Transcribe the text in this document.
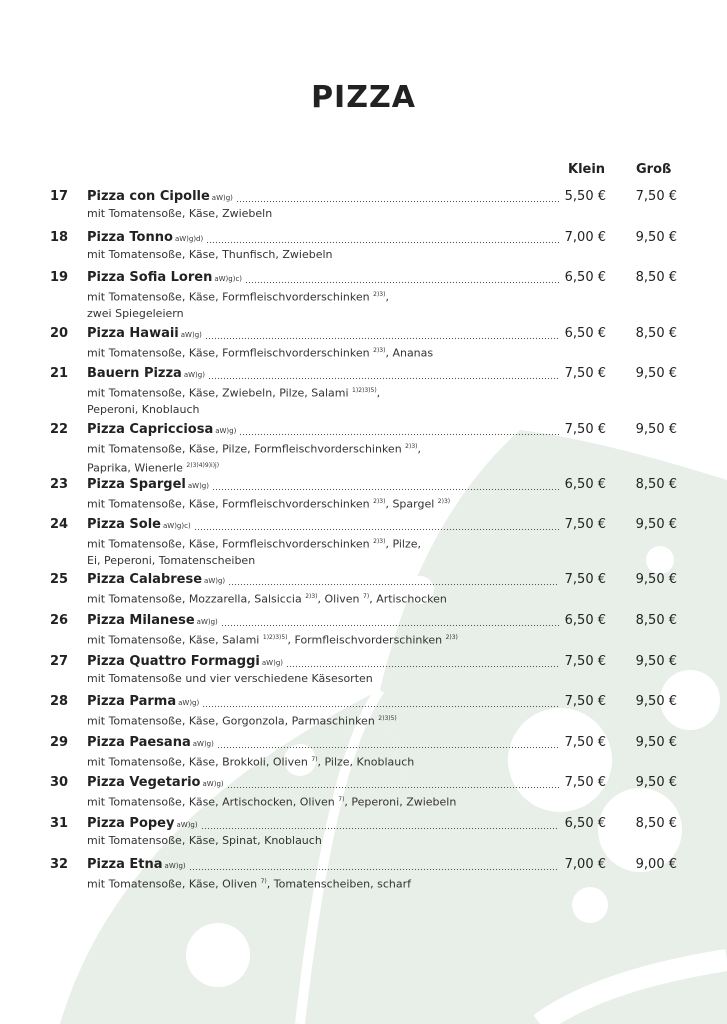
PIZZA
Klein Groß
17	Pizza con Cipolle aW)g)	5,50 €	7,50 €
mit Tomatensoße, Käse, Zwiebeln
18	Pizza Tonno aW)g)d)	7,00 €	9,50 €
mit Tomatensoße, Käse, Thunfisch, Zwiebeln
19	Pizza Sofia Loren aW)g)c)	6,50 €	8,50 €
mit Tomatensoße, Käse, Formfleischvorderschinken $^{2)3)}$,
zwei Spiegeleiern
20	Pizza Hawaii aW)g)	6,50 €	8,50 €
mit Tomatensoße, Käse, Formfleischvorderschinken $^{2)3)}$, Ananas
21	Bauern Pizza aW)g)	7,50 €	9,50 €
mit Tomatensoße, Käse, Zwiebeln, Pilze, Salami $^{1)2)3)5)}$,
Peperoni, Knoblauch
22	Pizza Capricciosa aW)g)	7,50 €	9,50 €
mit Tomatensoße, Käse, Pilze, Formfleischvorderschinken $^{2)3)}$,
Paprika, Wienerle $^{2)3)4)9)i)j)}$
23	Pizza Spargel aW)g)	6,50 €	8,50 €
mit Tomatensoße, Käse, Formfleischvorderschinken $^{2)3)}$, Spargel $^{2)3)}$
24	Pizza Sole aW)g)c)	7,50 €	9,50 €
mit Tomatensoße, Käse, Formfleischvorderschinken $^{2)3)}$, Pilze,
Ei, Peperoni, Tomatenscheiben
25	Pizza Calabrese aW)g)	7,50 €	9,50 €
mit Tomatensoße, Mozzarella, Salsiccia $^{2)3)}$, Oliven $^{7)}$, Artischocken
26	Pizza Milanese aW)g)	6,50 €	8,50 €
mit Tomatensoße, Käse, Salami $^{1)2)3)5)}$, Formfleischvorderschinken $^{2)3)}$
27	Pizza Quattro Formaggi aW)g)	7,50 €	9,50 €
mit Tomatensoße und vier verschiedene Käsesorten
28	Pizza Parma aW)g)	7,50 €	9,50 €
mit Tomatensoße, Käse, Gorgonzola, Parmaschinken $^{2)3)5)}$
29	Pizza Paesana aW)g)	7,50 €	9,50 €
mit Tomatensoße, Käse, Brokkoli, Oliven $^{7)}$, Pilze, Knoblauch
30	Pizza Vegetario aW)g)	7,50 €	9,50 €
mit Tomatensoße, Käse, Artischocken, Oliven $^{7)}$, Peperoni, Zwiebeln
31	Pizza Popey aW)g)	6,50 €	8,50 €
mit Tomatensoße, Käse, Spinat, Knoblauch
32	Pizza Etna aW)g)	7,00 €	9,00 €
mit Tomatensoße, Käse, Oliven $^{7)}$, Tomatenscheiben, scharf
